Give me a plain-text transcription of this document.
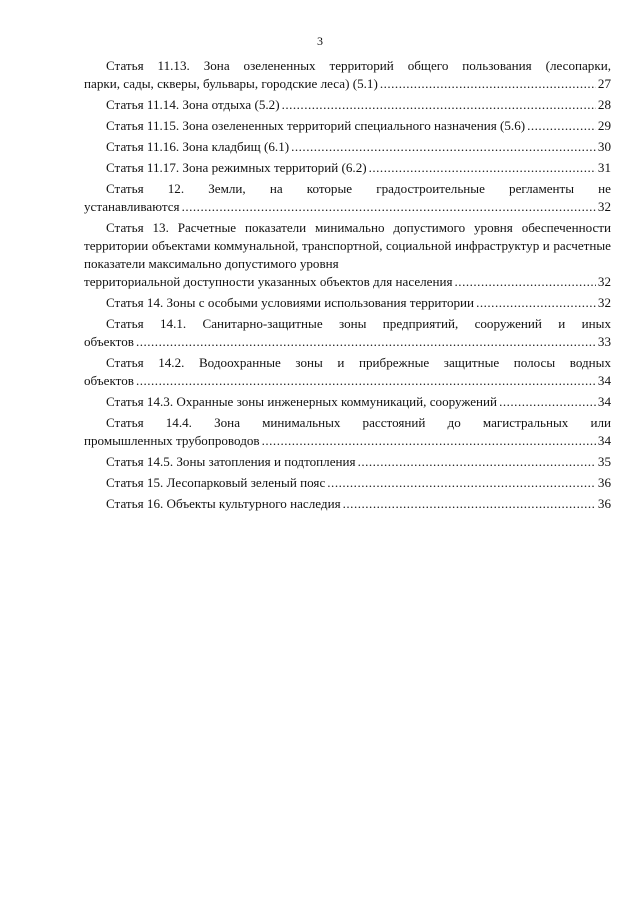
3
Статья 11.13. Зона озелененных территорий общего пользования (лесопарки,
парки, сады, скверы, бульвары, городские леса) (5.1) .....	27
Статья 11.14. Зона отдыха (5.2) .....	28
Статья 11.15. Зона озелененных территорий специального назначения (5.6) .....	29
Статья 11.16. Зона кладбищ (6.1) .....	30
Статья 11.17. Зона режимных территорий (6.2) .....	31
Статья 12. Земли, на которые градостроительные регламенты не
устанавливаются .....	32
Статья 13. Расчетные показатели минимально допустимого уровня обеспеченности территории объектами коммунальной, транспортной, социальной инфраструктур и расчетные показатели максимально допустимого уровня
территориальной доступности указанных объектов для населения .....	32
Статья 14. Зоны с особыми условиями использования территории .....	32
Статья 14.1. Санитарно-защитные зоны предприятий, сооружений и иных
объектов .....	33
Статья 14.2. Водоохранные зоны и прибрежные защитные полосы водных
объектов .....	34
Статья 14.3. Охранные зоны инженерных коммуникаций, сооружений .....	34
Статья 14.4. Зона минимальных расстояний до магистральных или
промышленных трубопроводов .....	34
Статья 14.5. Зоны затопления и подтопления .....	35
Статья 15. Лесопарковый зеленый пояс .....	36
Статья 16. Объекты культурного наследия .....	36
